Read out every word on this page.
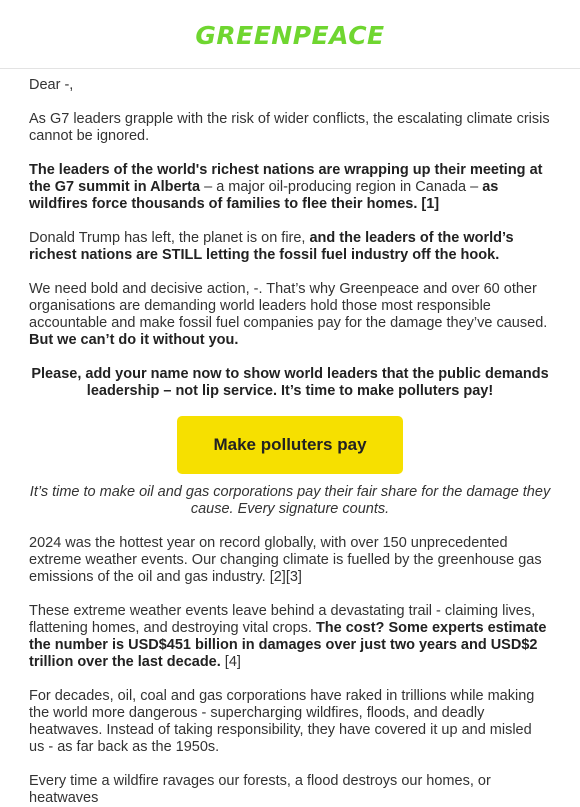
GREENPEACE

Dear -,

As G7 leaders grapple with the risk of wider conflicts, the escalating climate crisis cannot be ignored.

The leaders of the world's richest nations are wrapping up their meeting at the G7 summit in Alberta – a major oil-producing region in Canada – as wildfires force thousands of families to flee their homes. [1]

Donald Trump has left, the planet is on fire, and the leaders of the world’s richest nations are STILL letting the fossil fuel industry off the hook.

We need bold and decisive action, -. That’s why Greenpeace and over 60 other organisations are demanding world leaders hold those most responsible accountable and make fossil fuel companies pay for the damage they’ve caused. But we can’t do it without you.

Please, add your name now to show world leaders that the public demands leadership – not lip service. It’s time to make polluters pay!

Make polluters pay

It’s time to make oil and gas corporations pay their fair share for the damage they cause. Every signature counts.

2024 was the hottest year on record globally, with over 150 unprecedented extreme weather events. Our changing climate is fuelled by the greenhouse gas emissions of the oil and gas industry. [2][3]

These extreme weather events leave behind a devastating trail - claiming lives, flattening homes, and destroying vital crops. The cost? Some experts estimate the number is USD$451 billion in damages over just two years and USD$2 trillion over the last decade. [4]

For decades, oil, coal and gas corporations have raked in trillions while making the world more dangerous - supercharging wildfires, floods, and deadly heatwaves. Instead of taking responsibility, they have covered it up and misled us - as far back as the 1950s.

Every time a wildfire ravages our forests, a flood destroys our homes, or heatwaves
